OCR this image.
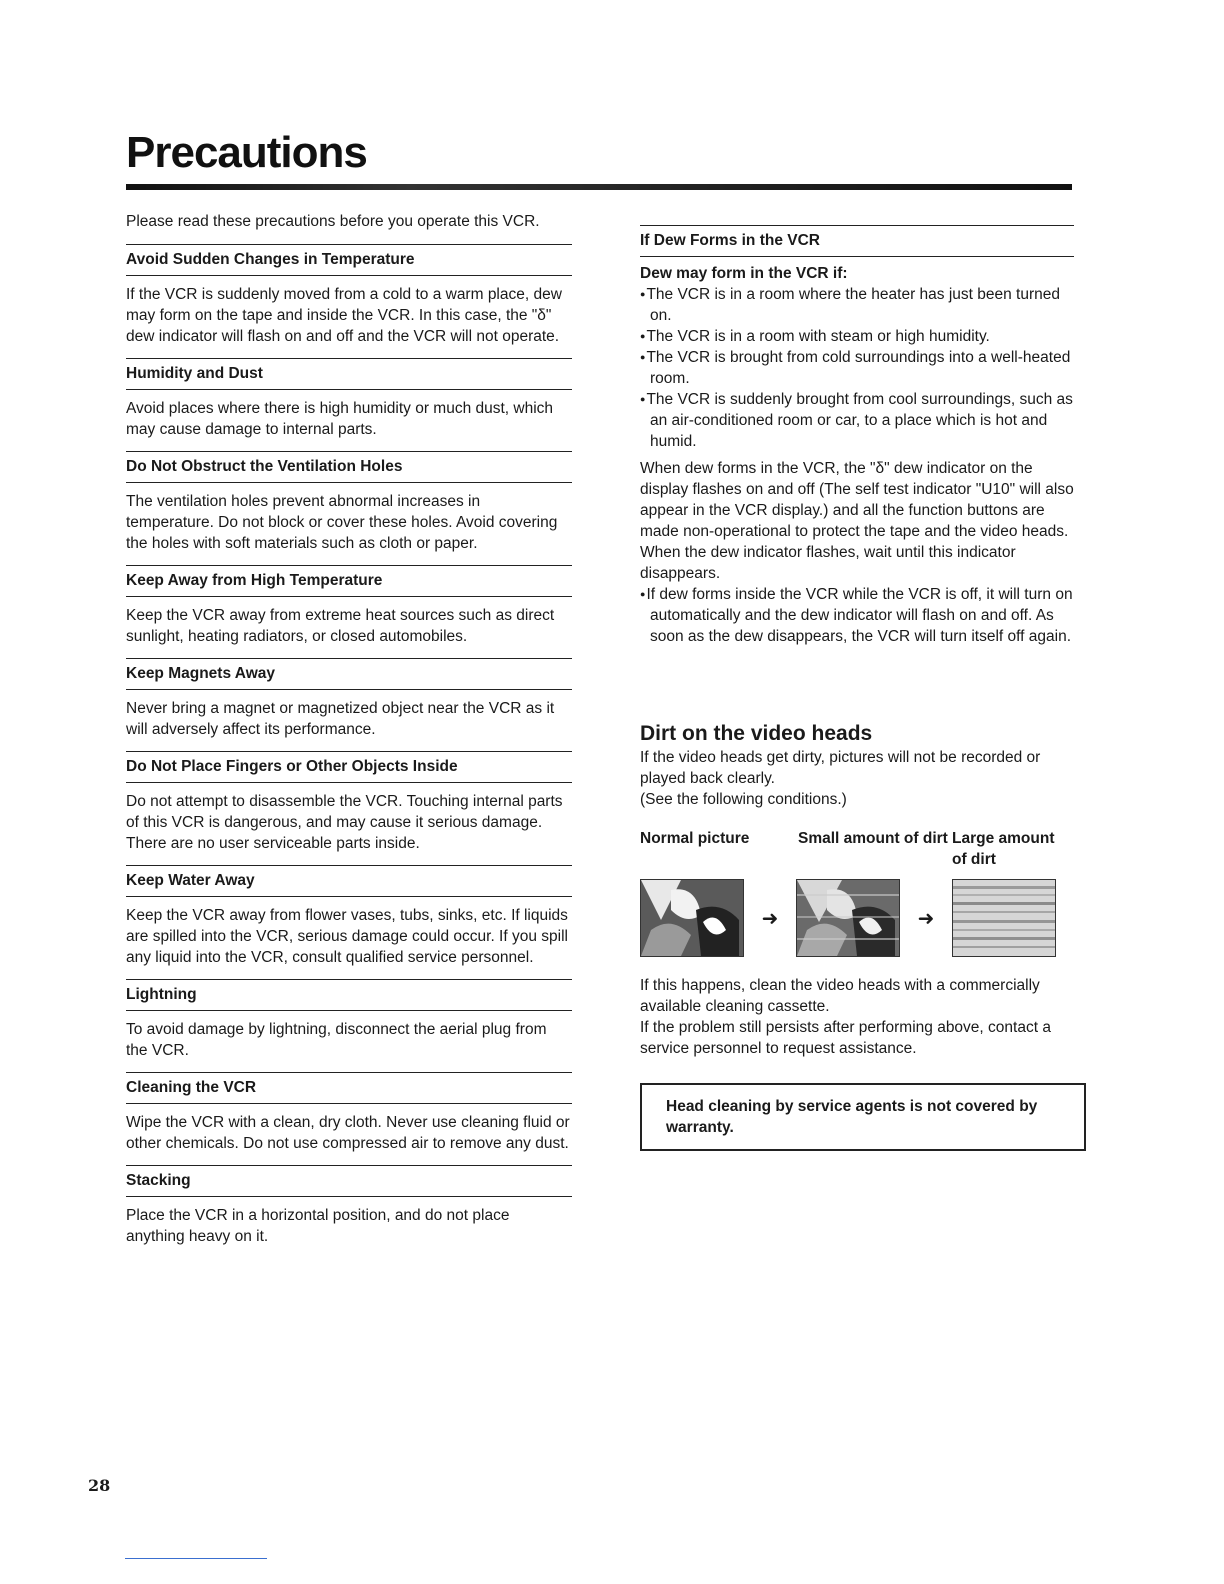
Precautions

Please read these precautions before you operate this VCR.

Avoid Sudden Changes in Temperature

If the VCR is suddenly moved from a cold to a warm place, dew may form on the tape and inside the VCR. In this case, the "δ" dew indicator will flash on and off and the VCR will not operate.

Humidity and Dust

Avoid places where there is high humidity or much dust, which may cause damage to internal parts.

Do Not Obstruct the Ventilation Holes

The ventilation holes prevent abnormal increases in temperature. Do not block or cover these holes. Avoid covering the holes with soft materials such as cloth or paper.

Keep Away from High Temperature

Keep the VCR away from extreme heat sources such as direct sunlight, heating radiators, or closed automobiles.

Keep Magnets Away

Never bring a magnet or magnetized object near the VCR as it will adversely affect its performance.

Do Not Place Fingers or Other Objects Inside

Do not attempt to disassemble the VCR. Touching internal parts of this VCR is dangerous, and may cause it serious damage. There are no user serviceable parts inside.

Keep Water Away

Keep the VCR away from flower vases, tubs, sinks, etc. If liquids are spilled into the VCR, serious damage could occur. If you spill any liquid into the VCR, consult qualified service personnel.

Lightning

To avoid damage by lightning, disconnect the aerial plug from the VCR.

Cleaning the VCR

Wipe the VCR with a clean, dry cloth. Never use cleaning fluid or other chemicals. Do not use compressed air to remove any dust.

Stacking

Place the VCR in a horizontal position, and do not place anything heavy on it.

If Dew Forms in the VCR
Dew may form in the VCR if:
● The VCR is in a room where the heater has just been turned on.
● The VCR is in a room with steam or high humidity.
● The VCR is brought from cold surroundings into a well-heated room.
● The VCR is suddenly brought from cool surroundings, such as an air-conditioned room or car, to a place which is hot and humid.

When dew forms in the VCR, the "δ" dew indicator on the display flashes on and off (The self test indicator "U10" will also appear in the VCR display.) and all the function buttons are made non-operational to protect the tape and the video heads. When the dew indicator flashes, wait until this indicator disappears.

● If dew forms inside the VCR while the VCR is off, it will turn on automatically and the dew indicator will flash on and off. As soon as the dew disappears, the VCR will turn itself off again.
Dirt on the video heads

If the video heads get dirty, pictures will not be recorded or played back clearly.

(See the following conditions.)

Normal picture	Small amount of dirt Large amount of dirt
➜	➜

If this happens, clean the video heads with a commercially available cleaning cassette.

If the problem still persists after performing above, contact a service personnel to request assistance.

Head cleaning by service agents is not covered by warranty.
28
